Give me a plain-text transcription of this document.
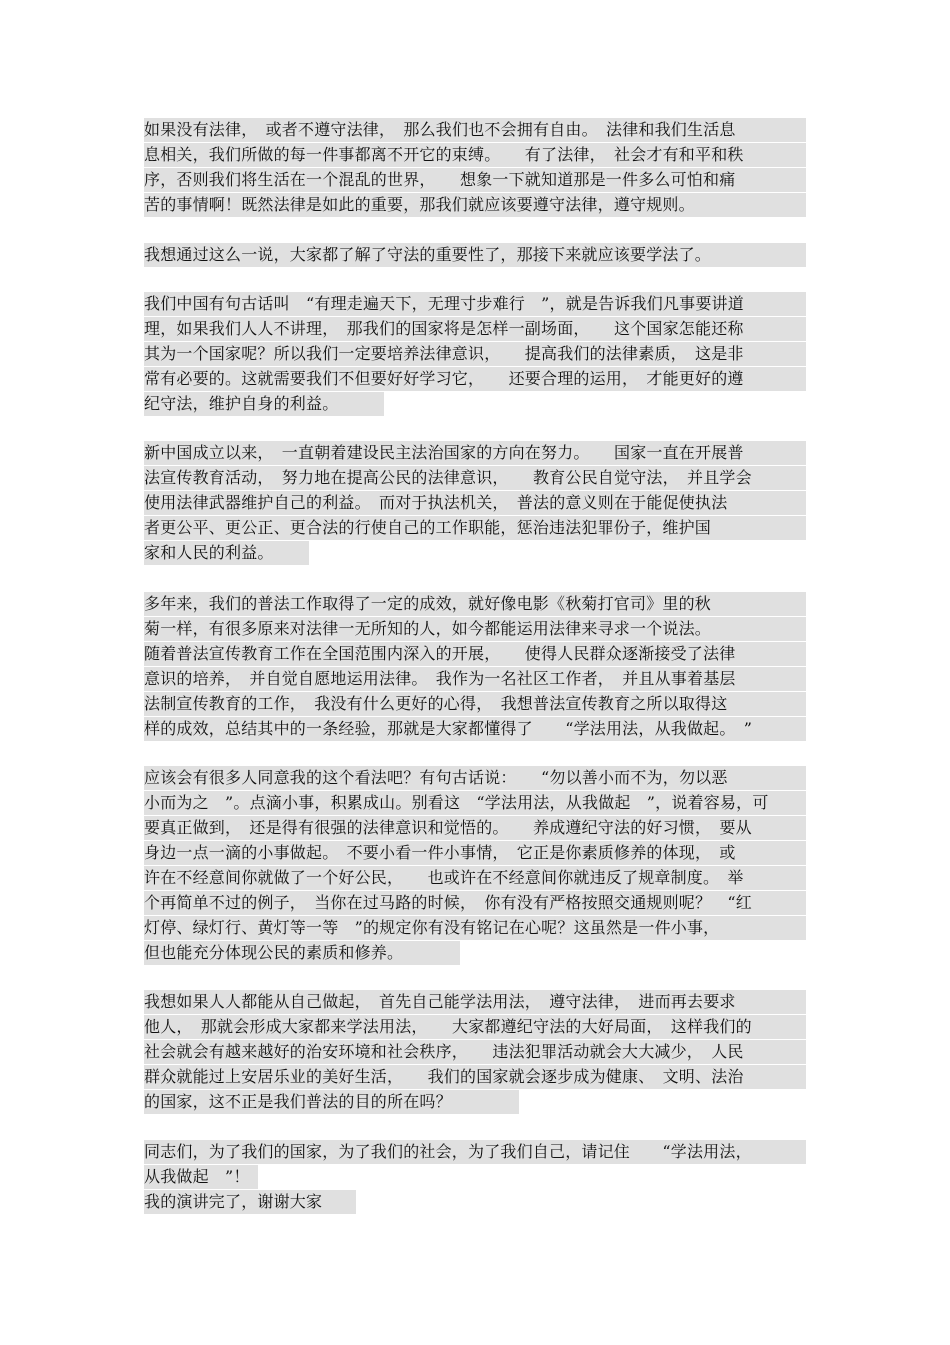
如果没有法律，　或者不遵守法律，　那么我们也不会拥有自由。　法律和我们生活息
息相关，我们所做的每一件事都离不开它的束缚。　　有了法律，　社会才有和平和秩
序，否则我们将生活在一个混乱的世界，　　想象一下就知道那是一件多么可怕和痛
苦的事情啊！既然法律是如此的重要，那我们就应该要遵守法律，遵守规则。
我想通过这么一说，大家都了解了守法的重要性了，那接下来就应该要学法了。
我们中国有句古话叫　“有理走遍天下，无理寸步难行　”，就是告诉我们凡事要讲道
理，如果我们人人不讲理，　那我们的国家将是怎样一副场面，　　这个国家怎能还称
其为一个国家呢？所以我们一定要培养法律意识，　　提高我们的法律素质，　这是非
常有必要的。这就需要我们不但要好好学习它，　　还要合理的运用，　才能更好的遵
纪守法，维护自身的利益。
新中国成立以来，　一直朝着建设民主法治国家的方向在努力。　　国家一直在开展普
法宣传教育活动，　努力地在提高公民的法律意识，　　教育公民自觉守法，　并且学会
使用法律武器维护自己的利益。　而对于执法机关，　普法的意义则在于能促使执法
者更公平、更公正、更合法的行使自己的工作职能，惩治违法犯罪份子，维护国
家和人民的利益。
多年来，我们的普法工作取得了一定的成效，就好像电影《秋菊打官司》里的秋
菊一样，有很多原来对法律一无所知的人，如今都能运用法律来寻求一个说法。
随着普法宣传教育工作在全国范围内深入的开展，　　使得人民群众逐渐接受了法律
意识的培养，　并自觉自愿地运用法律。　我作为一名社区工作者，　并且从事着基层
法制宣传教育的工作，　我没有什么更好的心得，　我想普法宣传教育之所以取得这
样的成效，总结其中的一条经验，那就是大家都懂得了　　“学法用法，从我做起。　”
应该会有很多人同意我的这个看法吧？有句古话说：　　“勿以善小而不为，勿以恶
小而为之　”。点滴小事，积累成山。别看这　“学法用法，从我做起　”，说着容易，可
要真正做到，　还是得有很强的法律意识和觉悟的。　　养成遵纪守法的好习惯，　要从
身边一点一滴的小事做起。　不要小看一件小事情，　它正是你素质修养的体现，　或
许在不经意间你就做了一个好公民，　　也或许在不经意间你就违反了规章制度。　举
个再简单不过的例子，　当你在过马路的时候，　你有没有严格按照交通规则呢？　“红
灯停、绿灯行、黄灯等一等　”的规定你有没有铭记在心呢？这虽然是一件小事，
但也能充分体现公民的素质和修养。
我想如果人人都能从自己做起，　首先自己能学法用法，　遵守法律，　进而再去要求
他人，　那就会形成大家都来学法用法，　　大家都遵纪守法的大好局面，　这样我们的
社会就会有越来越好的治安环境和社会秩序，　　违法犯罪活动就会大大减少，　人民
群众就能过上安居乐业的美好生活，　　我们的国家就会逐步成为健康、　文明、法治
的国家，这不正是我们普法的目的所在吗？
同志们，为了我们的国家，为了我们的社会，为了我们自己，请记住　　“学法用法，
从我做起　”！
我的演讲完了，谢谢大家
